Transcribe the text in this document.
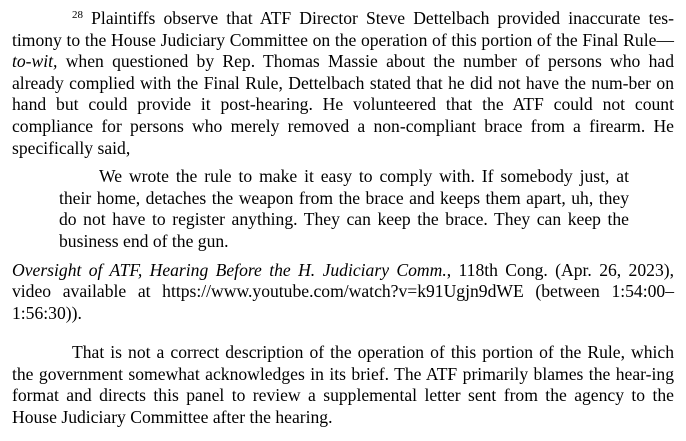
$^{28}$ Plaintiffs observe that ATF Director Steve Dettelbach provided inaccurate tes-timony to the House Judiciary Committee on the operation of this portion of the Final Rule—to-wit, when questioned by Rep. Thomas Massie about the number of persons who had already complied with the Final Rule, Dettelbach stated that he did not have the num-ber on hand but could provide it post-hearing. He volunteered that the ATF could not count compliance for persons who merely removed a non-compliant brace from a firearm. He specifically said,

We wrote the rule to make it easy to comply with. If somebody just, at their home, detaches the weapon from the brace and keeps them apart, uh, they do not have to register anything. They can keep the brace. They can keep the business end of the gun.

Oversight of ATF, Hearing Before the H. Judiciary Comm., 118th Cong. (Apr. 26, 2023), video available at https://www.youtube.com/watch?v=k91Ugjn9dWE (between 1:54:00–1:56:30)).

That is not a correct description of the operation of this portion of the Rule, which the government somewhat acknowledges in its brief. The ATF primarily blames the hear-ing format and directs this panel to review a supplemental letter sent from the agency to the House Judiciary Committee after the hearing.
